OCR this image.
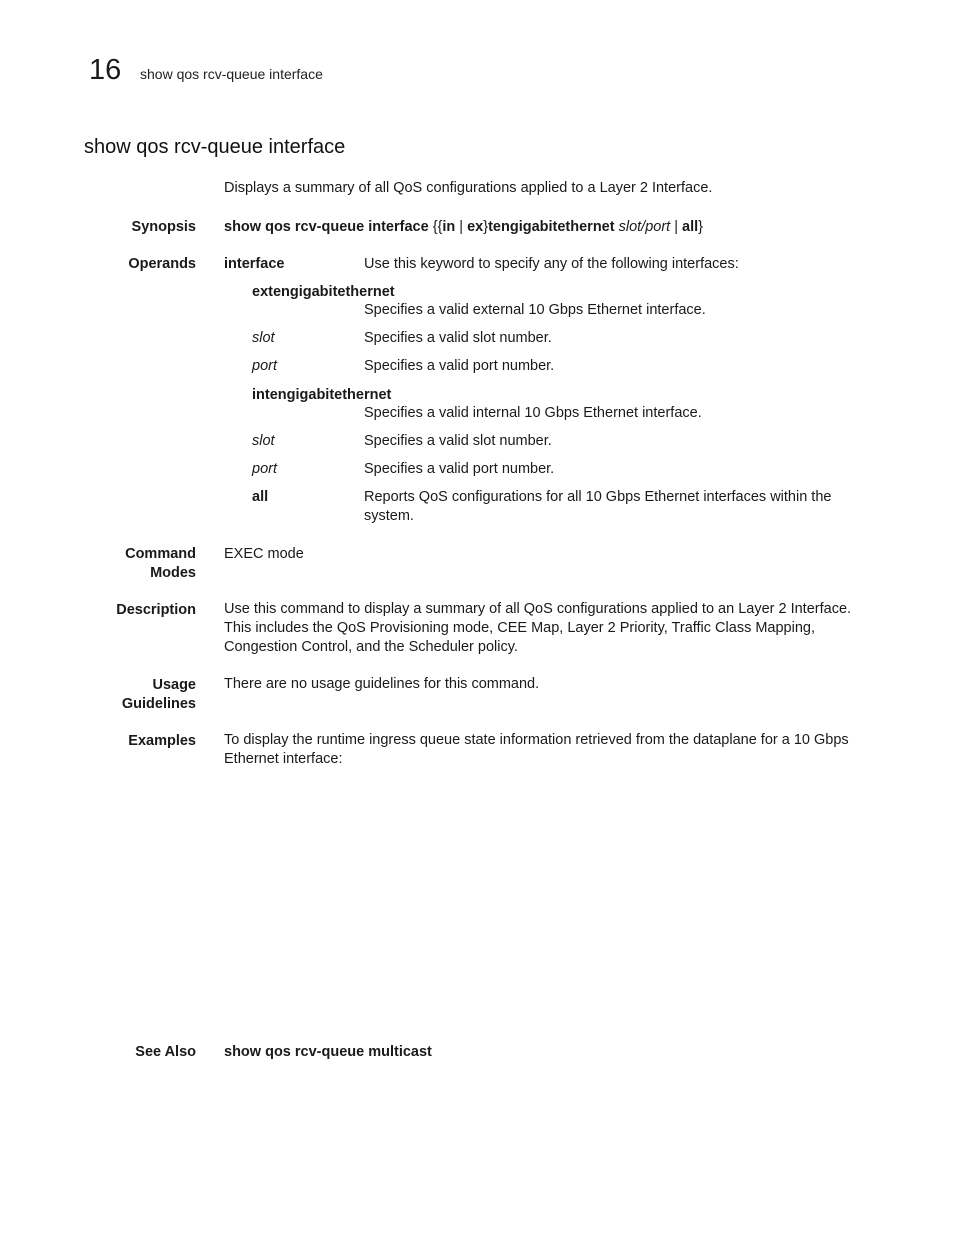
16 show qos rcv-queue interface
show qos rcv-queue interface
Displays a summary of all QoS configurations applied to a Layer 2 Interface.
Synopsis show qos rcv-queue interface {{in | ex}tengigabitethernet slot/port | all}
Operands interface	Use this keyword to specify any of the following interfaces:
extengigabitethernet
Specifies a valid external 10 Gbps Ethernet interface.
slot	Specifies a valid slot number.
port	Specifies a valid port number.
intengigabitethernet
Specifies a valid internal 10 Gbps Ethernet interface.
slot	Specifies a valid slot number.
port	Specifies a valid port number.
all	Reports QoS configurations for all 10 Gbps Ethernet interfaces within the
system.
Command
Modes
EXEC mode
Description Use this command to display a summary of all QoS configurations applied to an Layer 2 Interface.
This includes the QoS Provisioning mode, CEE Map, Layer 2 Priority, Traffic Class Mapping,
Congestion Control, and the Scheduler policy.
Usage
Guidelines
There are no usage guidelines for this command.
Examples To display the runtime ingress queue state information retrieved from the dataplane for a 10 Gbps
Ethernet interface:
See Also show qos rcv-queue multicast
